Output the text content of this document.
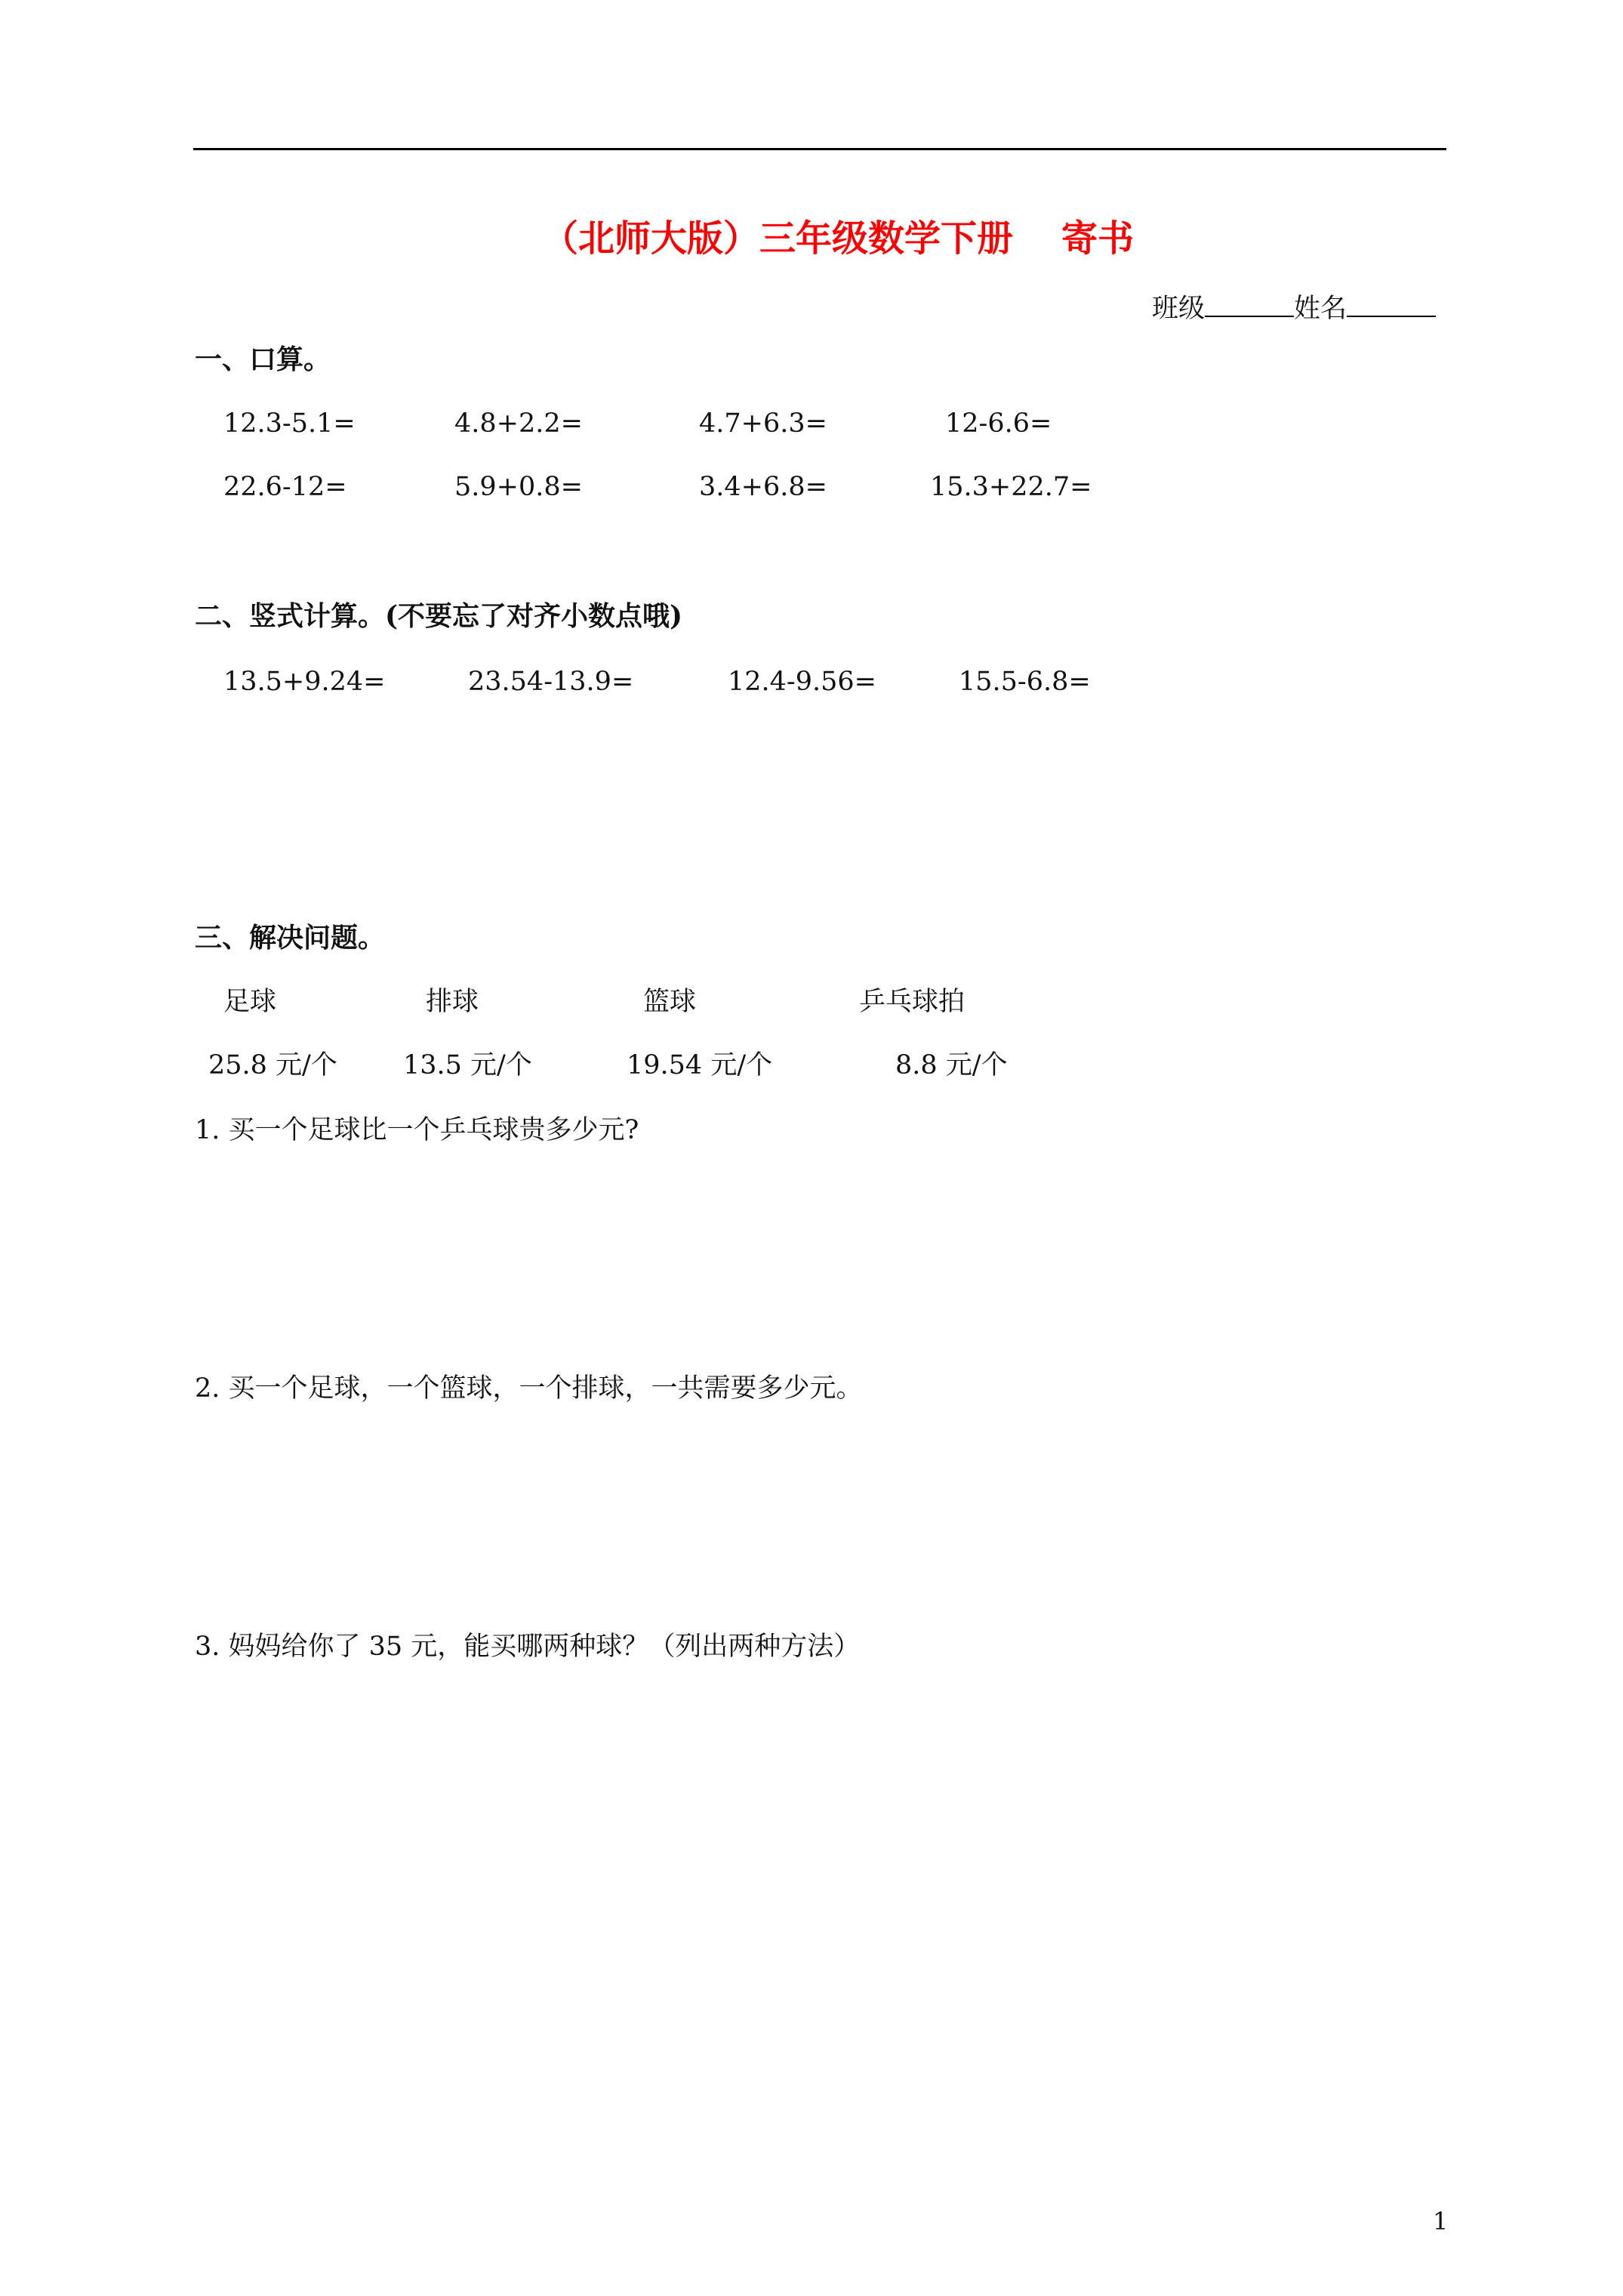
（北师大版）三年级数学下册 寄书
班级	姓名
一、口算。
12.3-5.1=	4.8+2.2=	4.7+6.3=	12-6.6=
22.6-12=	5.9+0.8=	3.4+6.8=	15.3+22.7=
二、竖式计算。(不要忘了对齐小数点哦)
13.5+9.24=	23.54-13.9=	12.4-9.56=	15.5-6.8=
三、解决问题。
足球	排球	篮球	乒乓球拍
25.8 元/个 13.5 元/个	19.54 元/个	8.8 元/个
1. 买一个足球比一个乒乓球贵多少元?
2. 买一个足球，一个篮球，一个排球，一共需要多少元。
3. 妈妈给你了 35 元，能买哪两种球？（列出两种方法）
1
